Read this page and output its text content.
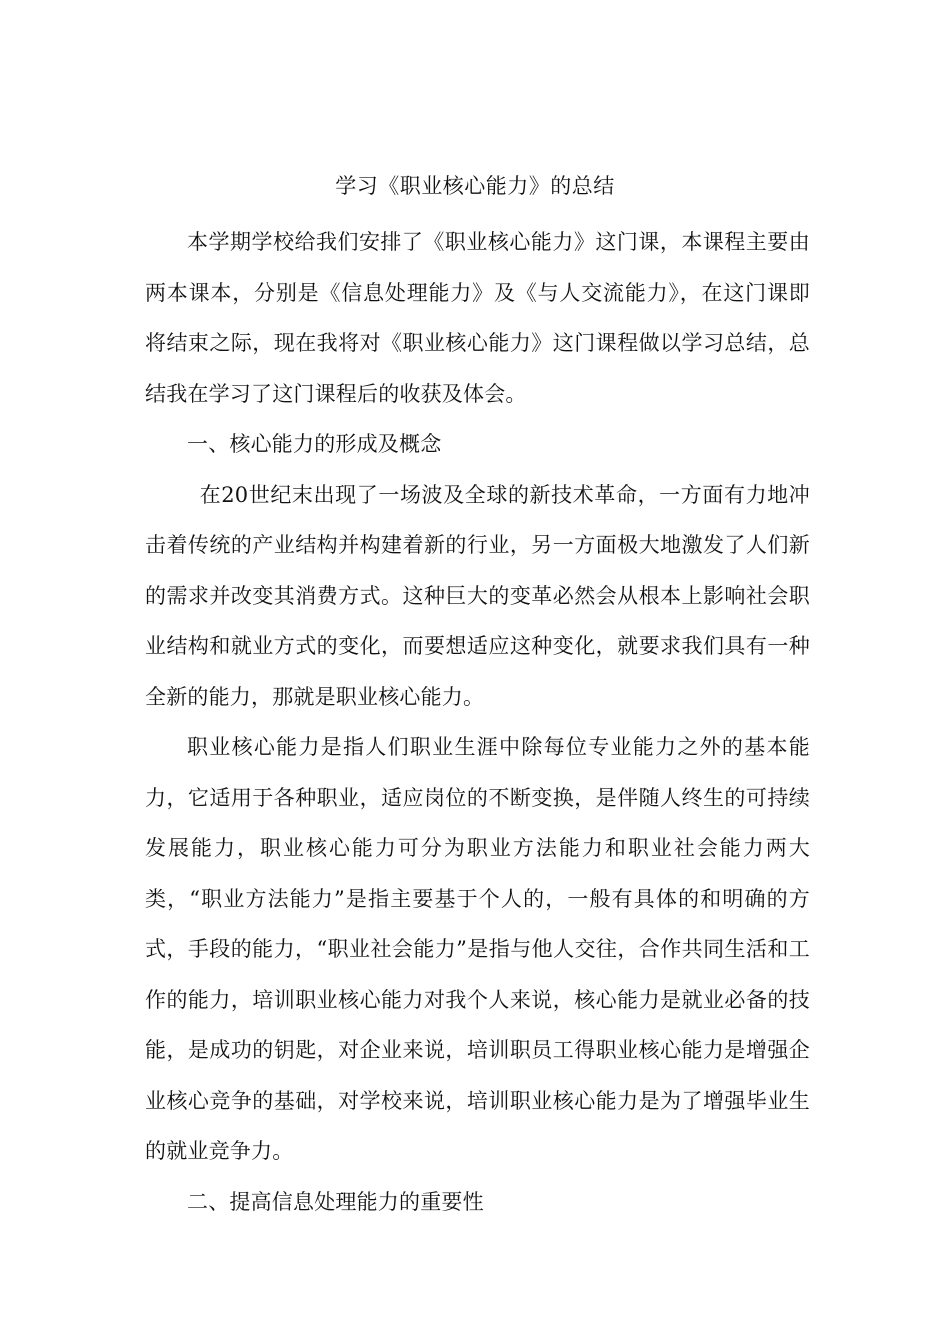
学习《职业核心能力》的总结

本学期学校给我们安排了《职业核心能力》这门课，本课程主要由两本课本，分别是《信息处理能力》及《与人交流能力》，在这门课即将结束之际，现在我将对《职业核心能力》这门课程做以学习总结，总结我在学习了这门课程后的收获及体会。

一、核心能力的形成及概念

在20世纪末出现了一场波及全球的新技术革命，一方面有力地冲击着传统的产业结构并构建着新的行业，另一方面极大地激发了人们新的需求并改变其消费方式。这种巨大的变革必然会从根本上影响社会职业结构和就业方式的变化，而要想适应这种变化，就要求我们具有一种全新的能力，那就是职业核心能力。

职业核心能力是指人们职业生涯中除每位专业能力之外的基本能力，它适用于各种职业，适应岗位的不断变换，是伴随人终生的可持续发展能力，职业核心能力可分为职业方法能力和职业社会能力两大类，“职业方法能力”是指主要基于个人的，一般有具体的和明确的方式，手段的能力，“职业社会能力”是指与他人交往，合作共同生活和工作的能力，培训职业核心能力对我个人来说，核心能力是就业必备的技能，是成功的钥匙，对企业来说，培训职员工得职业核心能力是增强企业核心竞争的基础，对学校来说，培训职业核心能力是为了增强毕业生的就业竞争力。

二、提高信息处理能力的重要性
